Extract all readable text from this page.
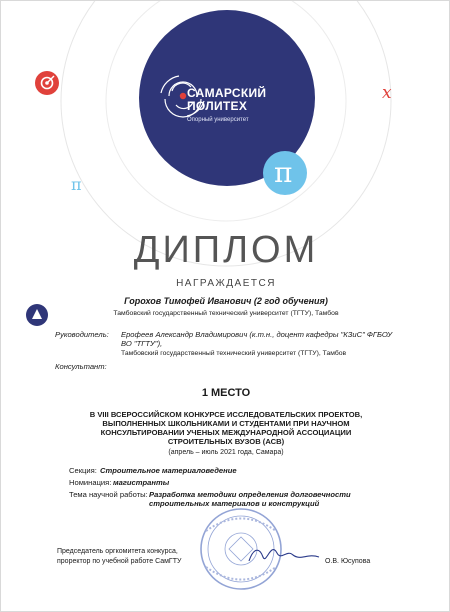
π
π
x
САМАРСКИЙ
ПОЛИТЕХ
Опорный университет
ДИПЛОМ
НАГРАЖДАЕТСЯ
Горохов Тимофей Иванович (2 год обучения)
Тамбовский государственный технический университет (ТГТУ), Тамбов
Руководитель: Ерофеев Александр Владимирович (к.т.н., доцент кафедры "КЗиС" ФГБОУ
ВО "ТГТУ"),
Тамбовский государственный технический университет (ТГТУ), Тамбов
Консультант:
1 МЕСТО
В VIII ВСЕРОССИЙСКОМ КОНКУРСЕ ИССЛЕДОВАТЕЛЬСКИХ ПРОЕКТОВ,
ВЫПОЛНЕННЫХ ШКОЛЬНИКАМИ И СТУДЕНТАМИ ПРИ НАУЧНОМ
КОНСУЛЬТИРОВАНИИ УЧЕНЫХ МЕЖДУНАРОДНОЙ АССОЦИАЦИИ
СТРОИТЕЛЬНЫХ ВУЗОВ (АСВ)
(апрель – июль 2021 года, Самара)
Секция: Строительное материаловедение
Номинация: магистранты
Тема научной работы: Разработка методики определения долговечности
строительных материалов и конструкций
Председатель оргкомитета конкурса,
проректор по учебной работе СамГТУ	О.В. Юсупова
